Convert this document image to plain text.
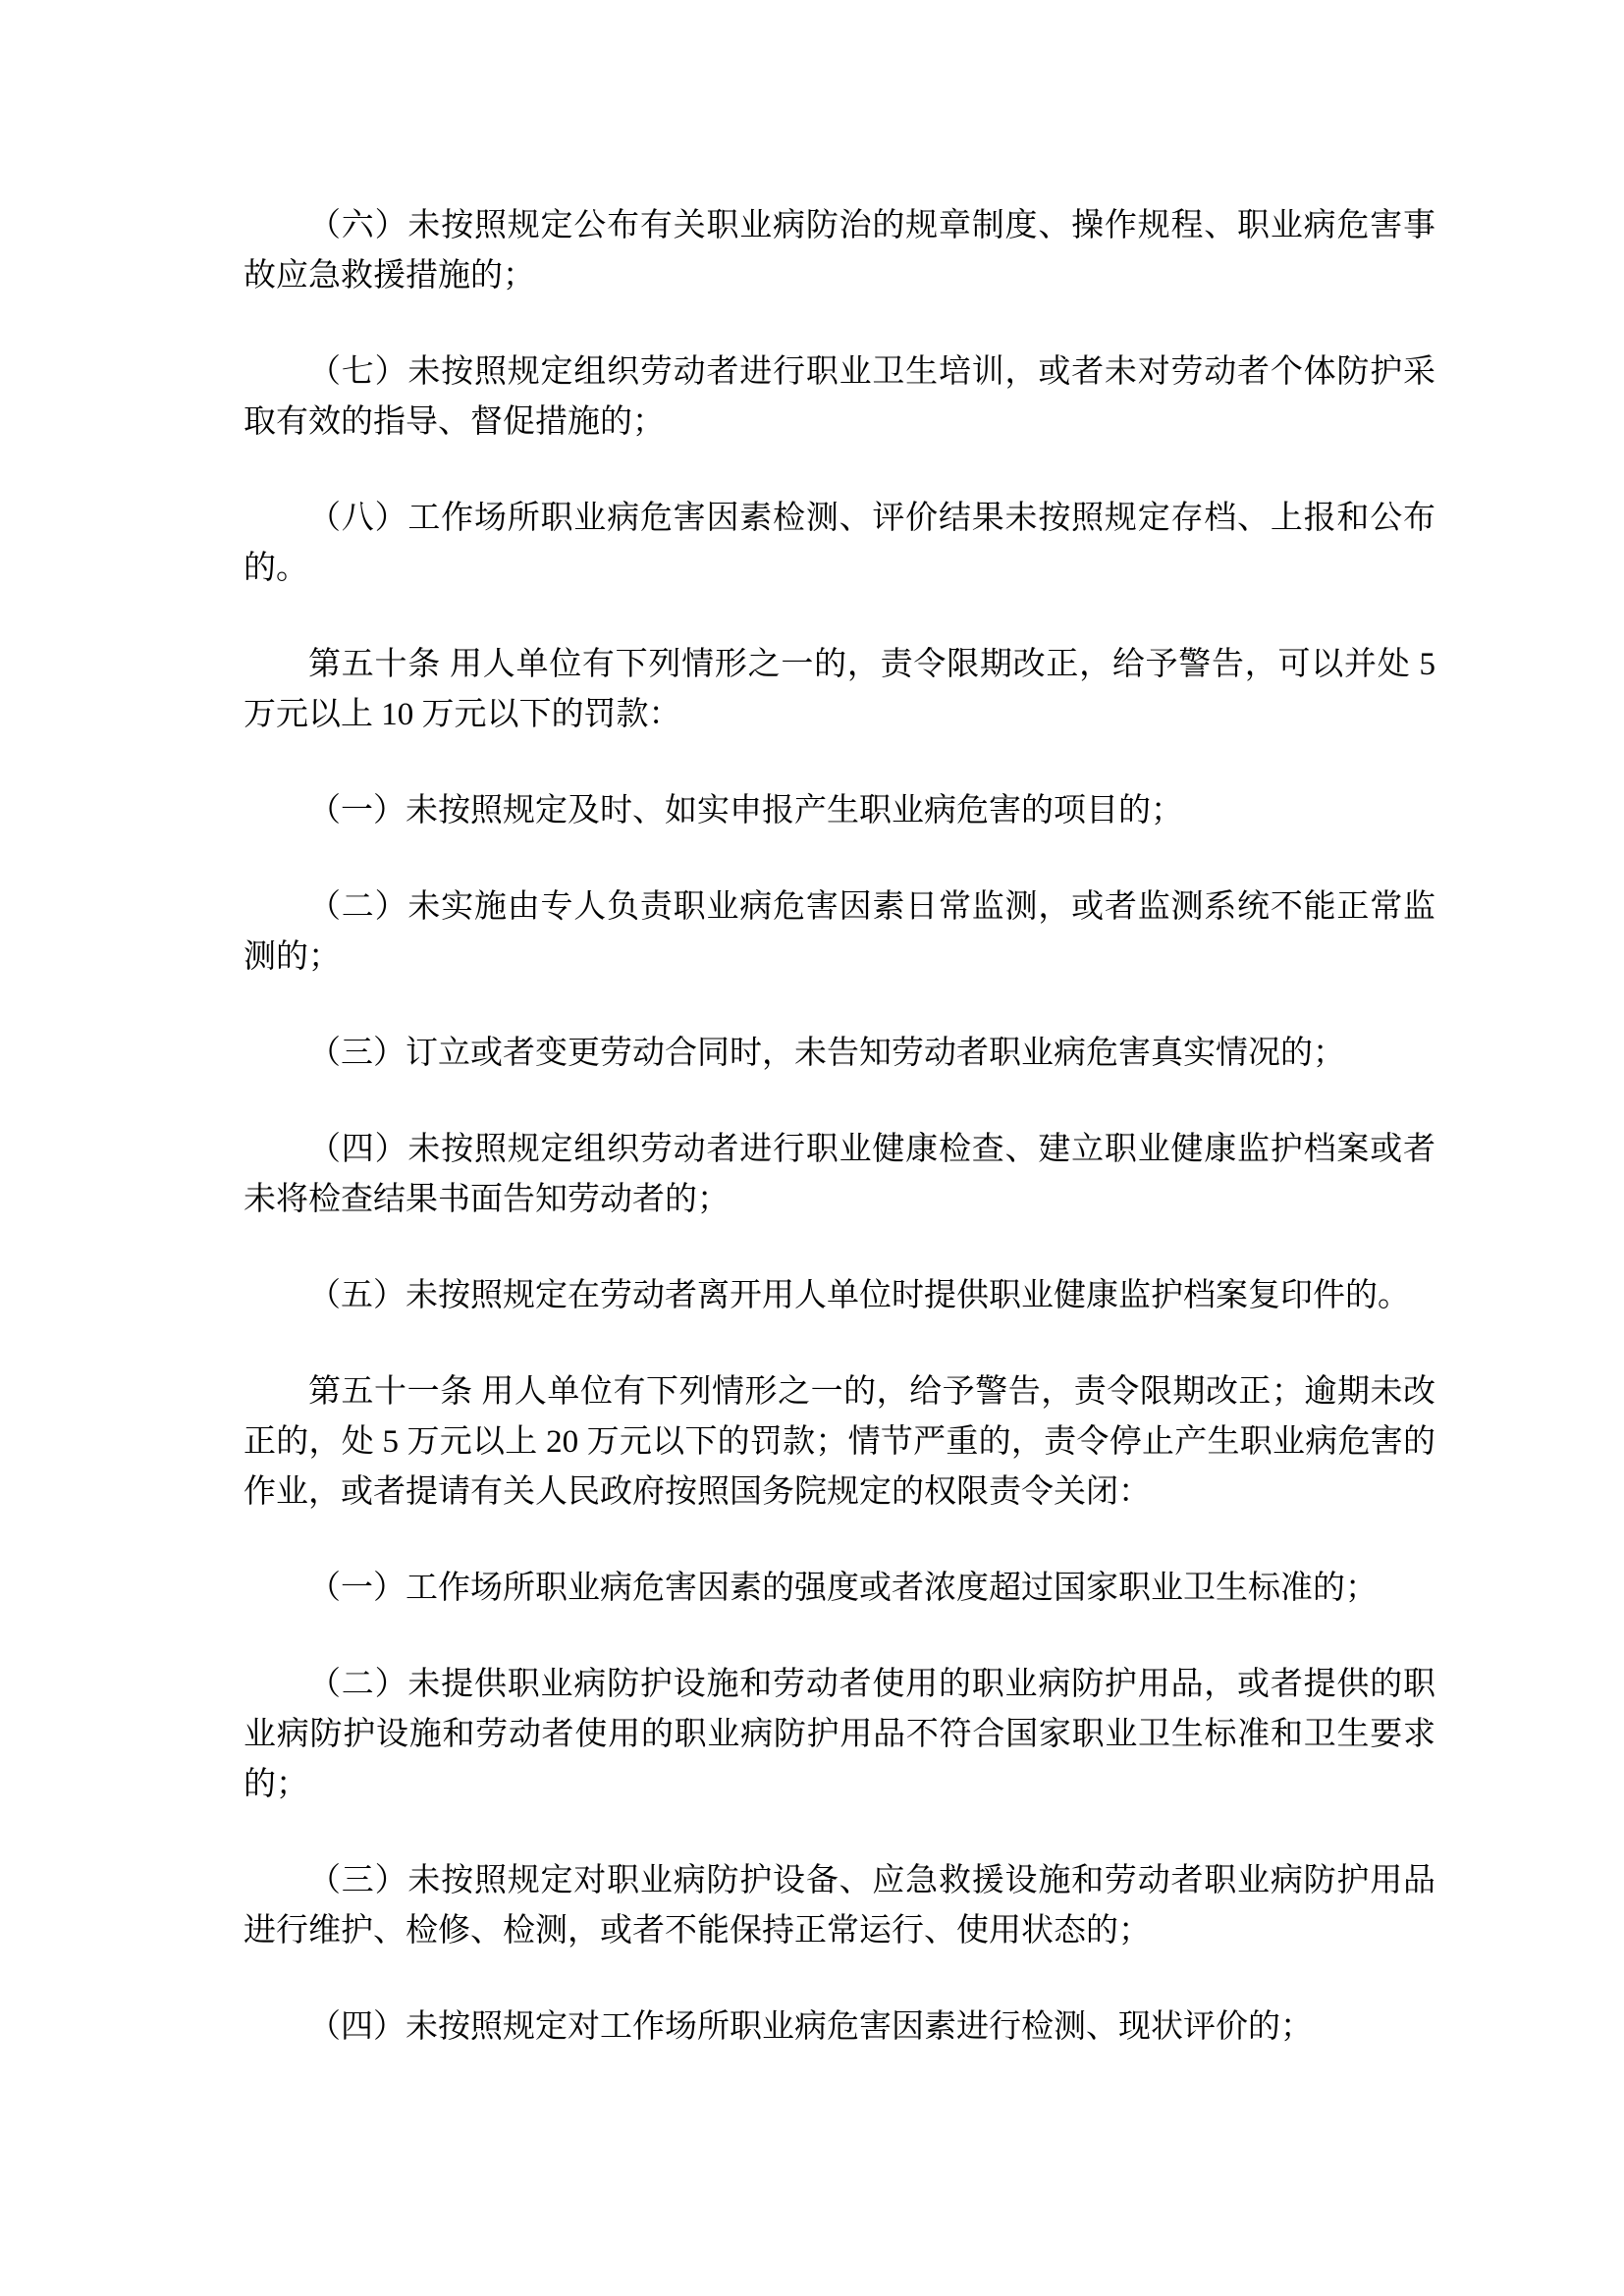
（六）未按照规定公布有关职业病防治的规章制度、操作规程、职业病危害事故应急救援措施的；

（七）未按照规定组织劳动者进行职业卫生培训，或者未对劳动者个体防护采取有效的指导、督促措施的；

（八）工作场所职业病危害因素检测、评价结果未按照规定存档、上报和公布的。

第五十条 用人单位有下列情形之一的，责令限期改正，给予警告，可以并处 5 万元以上 10 万元以下的罚款：

（一）未按照规定及时、如实申报产生职业病危害的项目的；

（二）未实施由专人负责职业病危害因素日常监测，或者监测系统不能正常监测的；

（三）订立或者变更劳动合同时，未告知劳动者职业病危害真实情况的；

（四）未按照规定组织劳动者进行职业健康检查、建立职业健康监护档案或者未将检查结果书面告知劳动者的；

（五）未按照规定在劳动者离开用人单位时提供职业健康监护档案复印件的。

第五十一条 用人单位有下列情形之一的，给予警告，责令限期改正；逾期未改正的，处 5 万元以上 20 万元以下的罚款；情节严重的，责令停止产生职业病危害的作业，或者提请有关人民政府按照国务院规定的权限责令关闭：

（一）工作场所职业病危害因素的强度或者浓度超过国家职业卫生标准的；

（二）未提供职业病防护设施和劳动者使用的职业病防护用品，或者提供的职业病防护设施和劳动者使用的职业病防护用品不符合国家职业卫生标准和卫生要求的；

（三）未按照规定对职业病防护设备、应急救援设施和劳动者职业病防护用品进行维护、检修、检测，或者不能保持正常运行、使用状态的；

（四）未按照规定对工作场所职业病危害因素进行检测、现状评价的；
